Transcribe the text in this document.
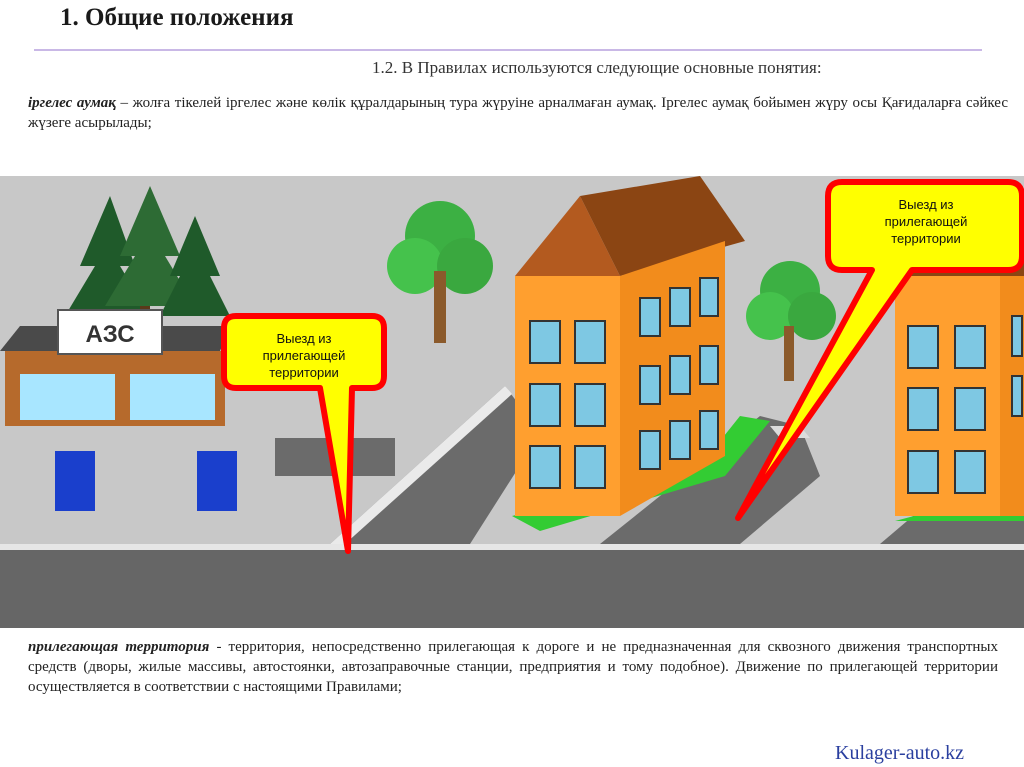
1. Общие положения
1.2. В Правилах используются следующие основные понятия:
іргелес аумақ – жолға тікелей іргелес және көлік құралдарының тура жүруіне арналмаған аумақ. Іргелес аумақ бойымен жүру осы Қағидаларға сәйкес жүзеге асырылады;
АЗС	Выезд из прилегающей территории
Выезд из прилегающей территории
прилегающая территория - территория, непосредственно прилегающая к дороге и не предназначенная для сквозного движения транспортных средств (дворы, жилые массивы, автостоянки, автозаправочные станции, предприятия и тому подобное). Движение по прилегающей территории осуществляется в соответствии с настоящими Правилами;
Kulager-auto.kz
